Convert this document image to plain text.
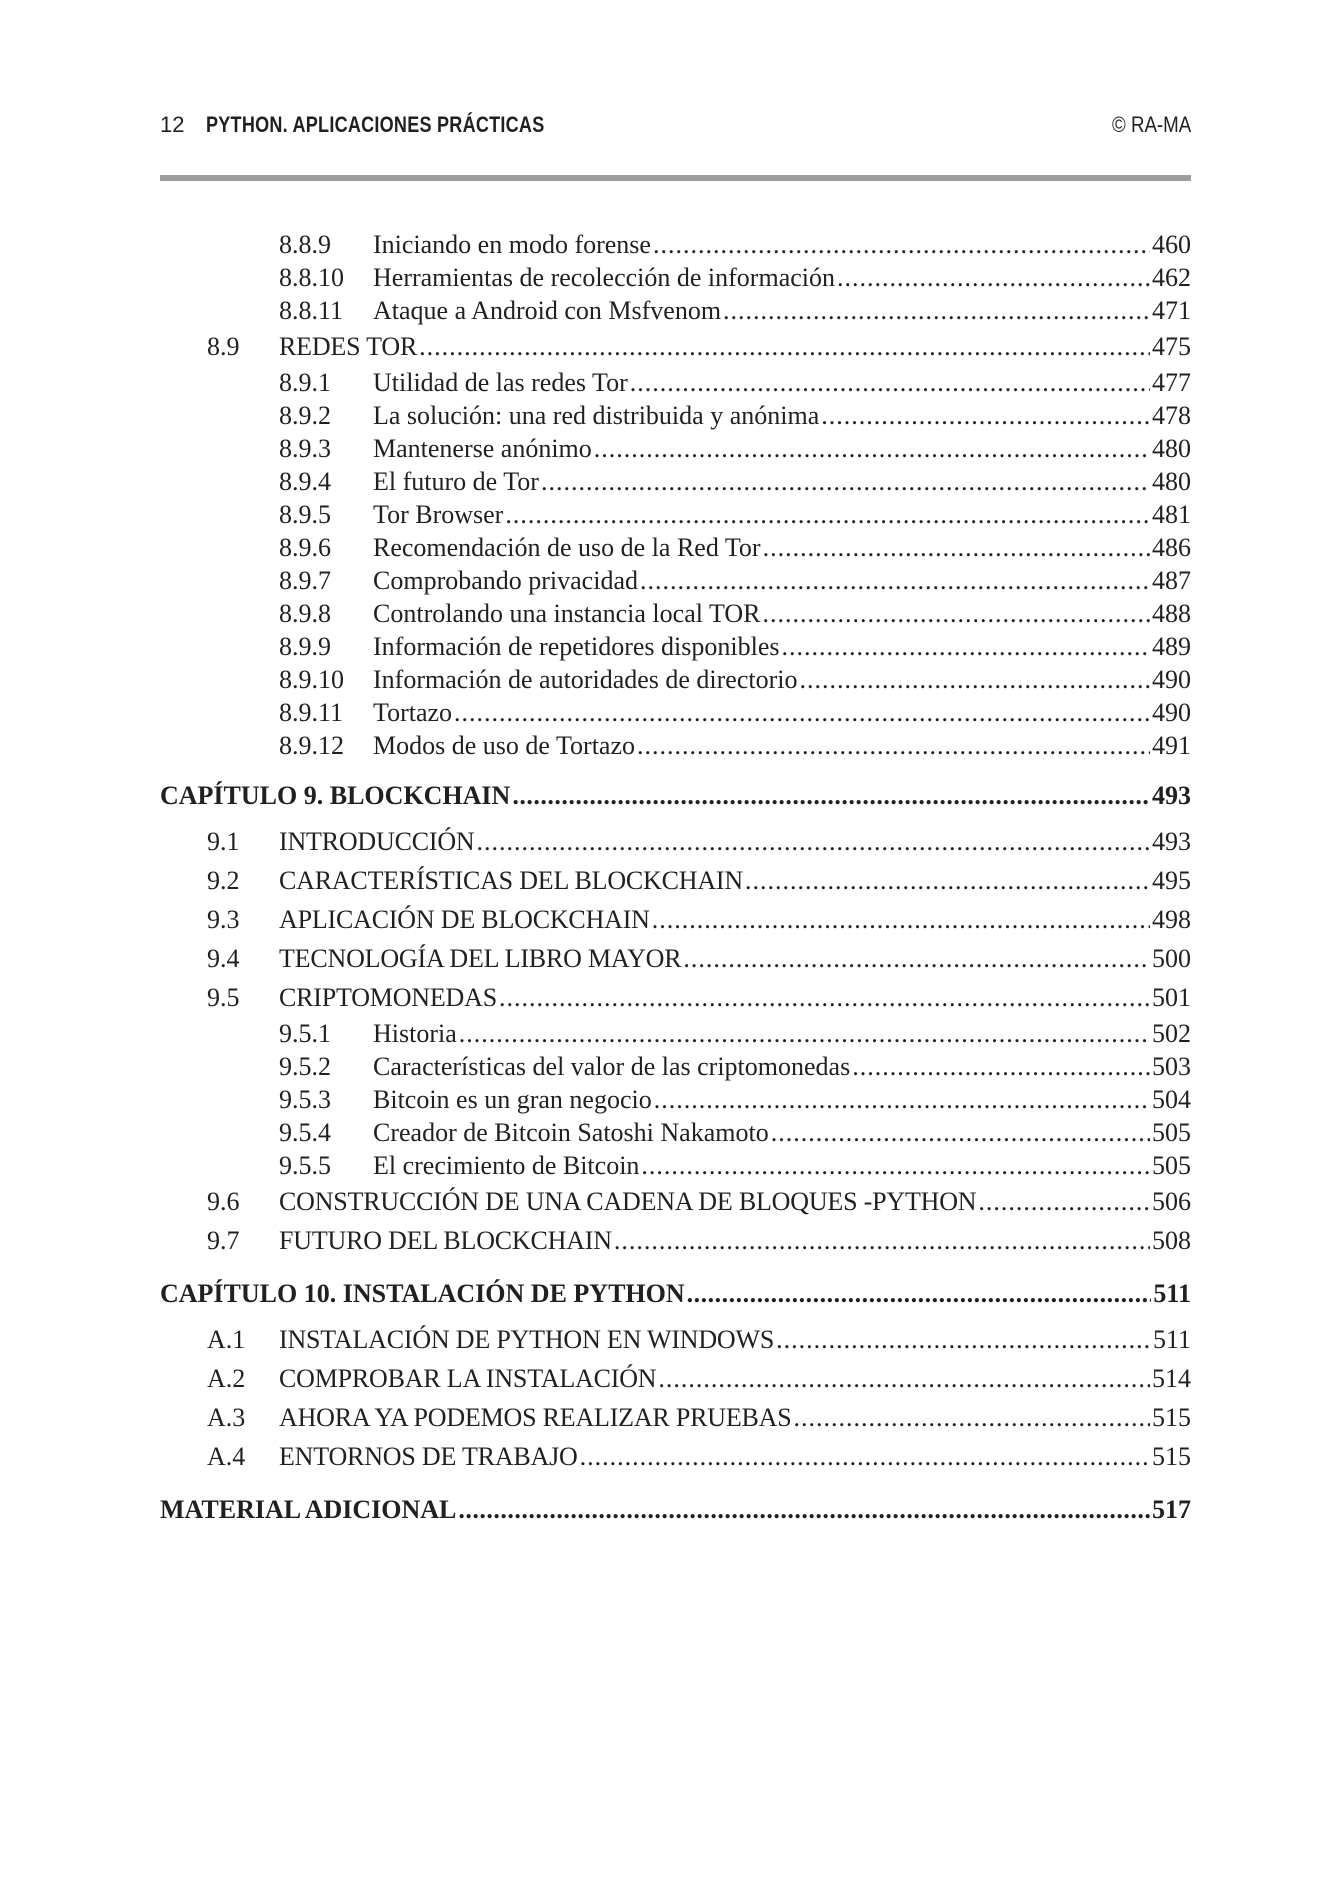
12 PYTHON. APLICACIONES PRÁCTICAS	© RA-MA
8.8.9	Iniciando en modo forense .....	460
8.8.10	Herramientas de recolección de información .....	462
8.8.11	Ataque a Android con Msfvenom .....	471
8.9	REDES TOR .....	475
8.9.1	Utilidad de las redes Tor .....	477
8.9.2	La solución: una red distribuida y anónima .....	478
8.9.3	Mantenerse anónimo .....	480
8.9.4	El futuro de Tor .....	480
8.9.5	Tor Browser .....	481
8.9.6	Recomendación de uso de la Red Tor .....	486
8.9.7	Comprobando privacidad .....	487
8.9.8	Controlando una instancia local TOR .....	488
8.9.9	Información de repetidores disponibles .....	489
8.9.10	Información de autoridades de directorio .....	490
8.9.11	Tortazo .....	490
8.9.12	Modos de uso de Tortazo .....	491
CAPÍTULO 9. BLOCKCHAIN .....	493
9.1	INTRODUCCIÓN .....	493
9.2	CARACTERÍSTICAS DEL BLOCKCHAIN .....	495
9.3	APLICACIÓN DE BLOCKCHAIN .....	498
9.4	TECNOLOGÍA DEL LIBRO MAYOR .....	500
9.5	CRIPTOMONEDAS .....	501
9.5.1	Historia .....	502
9.5.2	Características del valor de las criptomonedas .....	503
9.5.3	Bitcoin es un gran negocio .....	504
9.5.4	Creador de Bitcoin Satoshi Nakamoto .....	505
9.5.5	El crecimiento de Bitcoin .....	505
9.6	CONSTRUCCIÓN DE UNA CADENA DE BLOQUES -PYTHON .....	506
9.7	FUTURO DEL BLOCKCHAIN .....	508
CAPÍTULO 10. INSTALACIÓN DE PYTHON .....	511
A.1	INSTALACIÓN DE PYTHON EN WINDOWS .....	511
A.2	COMPROBAR LA INSTALACIÓN .....	514
A.3	AHORA YA PODEMOS REALIZAR PRUEBAS .....	515
A.4	ENTORNOS DE TRABAJO .....	515
MATERIAL ADICIONAL .....	517
